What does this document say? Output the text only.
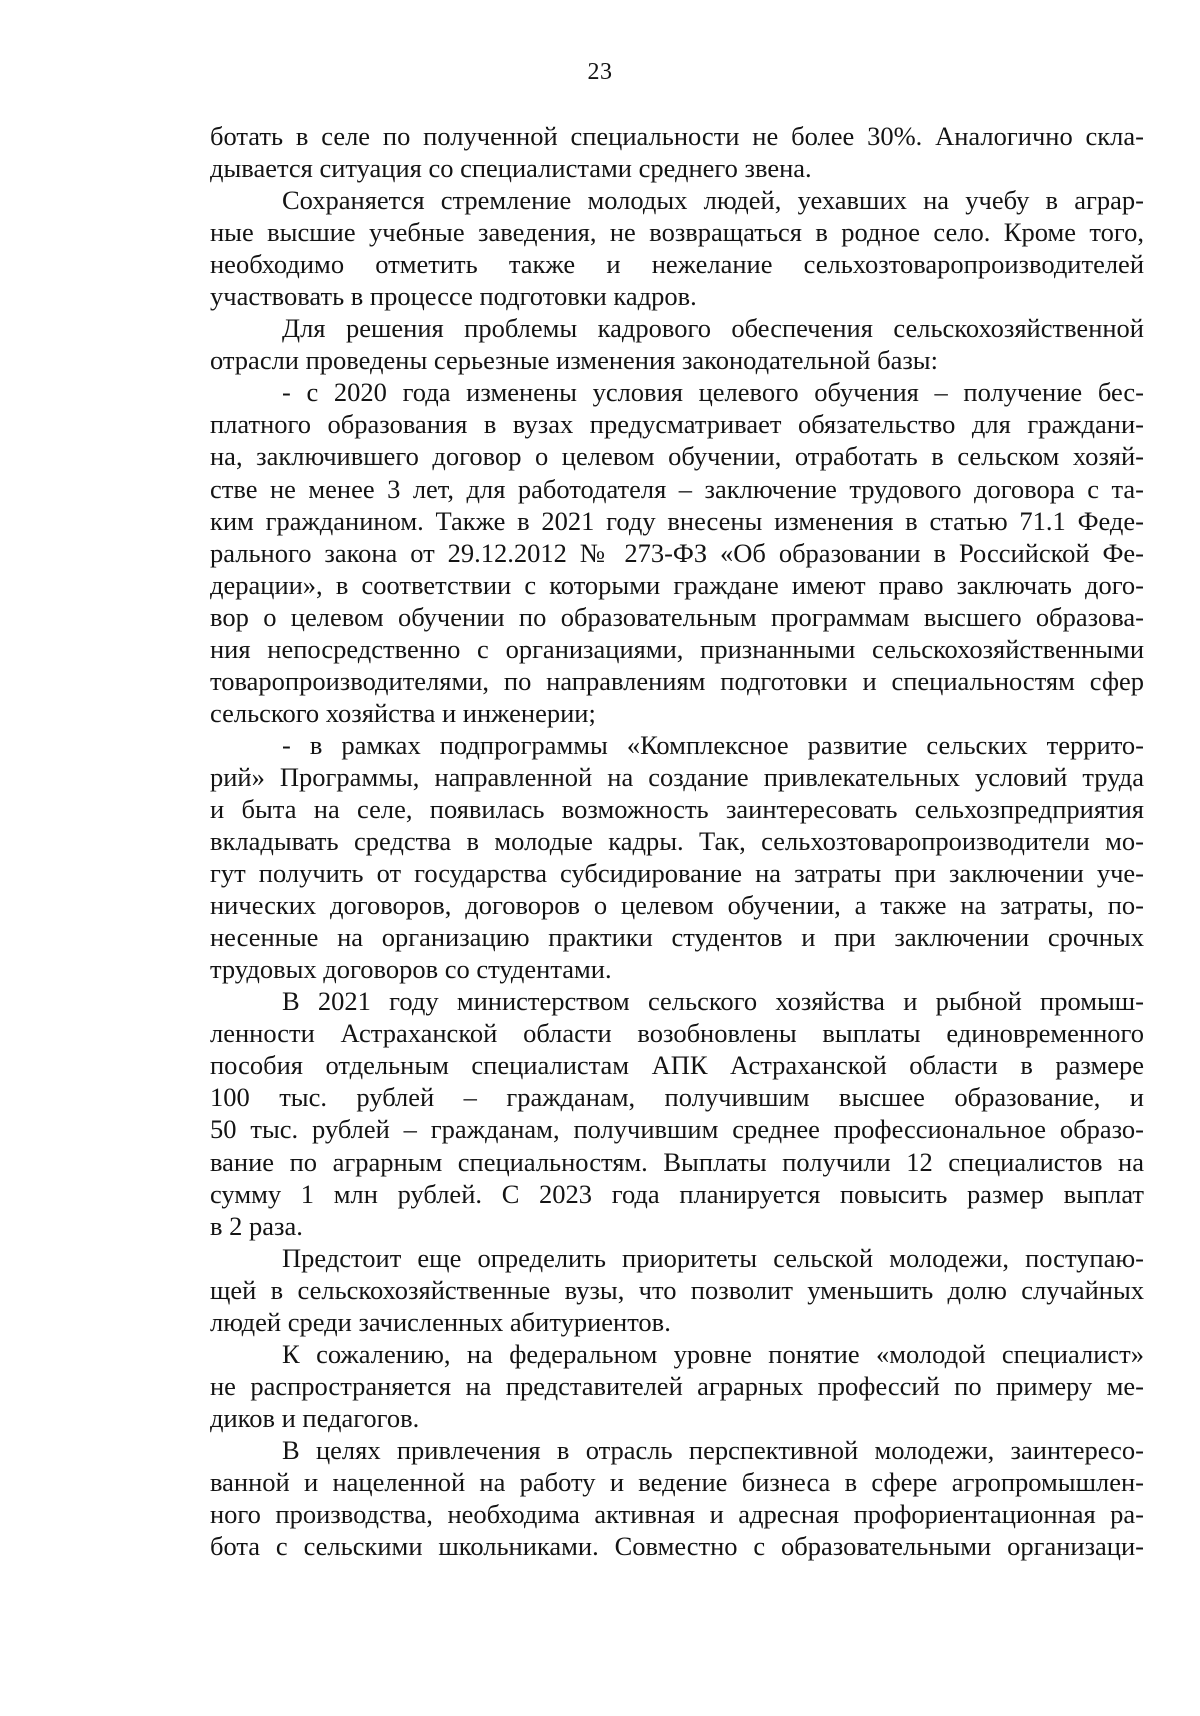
23
ботать в селе по полученной специальности не более 30%. Аналогично скла-
дывается ситуация со специалистами среднего звена.
Сохраняется стремление молодых людей, уехавших на учебу в аграр-
ные высшие учебные заведения, не возвращаться в родное село. Кроме того,
необходимо отметить также и нежелание сельхозтоваропроизводителей
участвовать в процессе подготовки кадров.
Для решения проблемы кадрового обеспечения сельскохозяйственной
отрасли проведены серьезные изменения законодательной базы:
- с 2020 года изменены условия целевого обучения – получение бес-
платного образования в вузах предусматривает обязательство для граждани-
на, заключившего договор о целевом обучении, отработать в сельском хозяй-
стве не менее 3 лет, для работодателя – заключение трудового договора с та-
ким гражданином. Также в 2021 году внесены изменения в статью 71.1 Феде-
рального закона от 29.12.2012 № 273-ФЗ «Об образовании в Российской Фе-
дерации», в соответствии с которыми граждане имеют право заключать дого-
вор о целевом обучении по образовательным программам высшего образова-
ния непосредственно с организациями, признанными сельскохозяйственными
товаропроизводителями, по направлениям подготовки и специальностям сфер
сельского хозяйства и инженерии;
- в рамках подпрограммы «Комплексное развитие сельских террито-
рий» Программы, направленной на создание привлекательных условий труда
и быта на селе, появилась возможность заинтересовать сельхозпредприятия
вкладывать средства в молодые кадры. Так, сельхозтоваропроизводители мо-
гут получить от государства субсидирование на затраты при заключении уче-
нических договоров, договоров о целевом обучении, а также на затраты, по-
несенные на организацию практики студентов и при заключении срочных
трудовых договоров со студентами.
В 2021 году министерством сельского хозяйства и рыбной промыш-
ленности Астраханской области возобновлены выплаты единовременного
пособия отдельным специалистам АПК Астраханской области в размере
100 тыс. рублей – гражданам, получившим высшее образование, и
50 тыс. рублей – гражданам, получившим среднее профессиональное образо-
вание по аграрным специальностям. Выплаты получили 12 специалистов на
сумму 1 млн рублей. С 2023 года планируется повысить размер выплат
в 2 раза.
Предстоит еще определить приоритеты сельской молодежи, поступаю-
щей в сельскохозяйственные вузы, что позволит уменьшить долю случайных
людей среди зачисленных абитуриентов.
К сожалению, на федеральном уровне понятие «молодой специалист»
не распространяется на представителей аграрных профессий по примеру ме-
диков и педагогов.
В целях привлечения в отрасль перспективной молодежи, заинтересо-
ванной и нацеленной на работу и ведение бизнеса в сфере агропромышлен-
ного производства, необходима активная и адресная профориентационная ра-
бота с сельскими школьниками. Совместно с образовательными организаци-
